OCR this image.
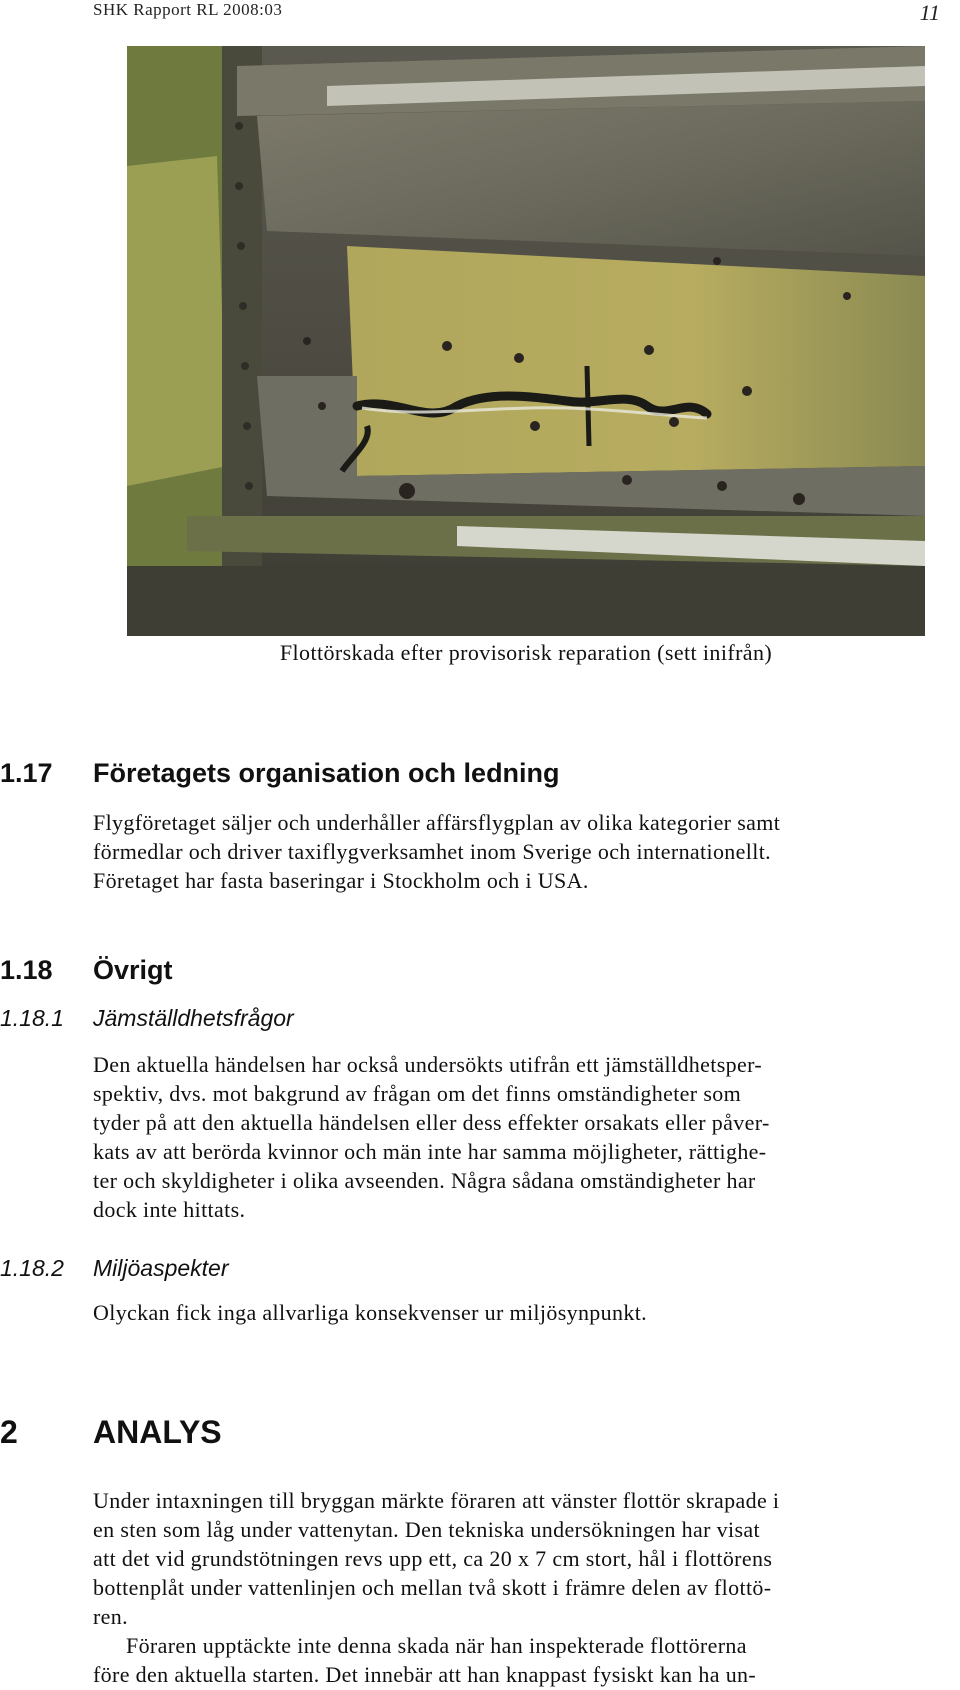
SHK Rapport RL 2008:03	11
Flottörskada efter provisorisk reparation (sett inifrån)
1.17 Företagets organisation och ledning
Flygföretaget säljer och underhåller affärsflygplan av olika kategorier samt
förmedlar och driver taxiflygverksamhet inom Sverige och internationellt.
Företaget har fasta baseringar i Stockholm och i USA.
1.18 Övrigt
1.18.1 Jämställdhetsfrågor
Den aktuella händelsen har också undersökts utifrån ett jämställdhetsper-
spektiv, dvs. mot bakgrund av frågan om det finns omständigheter som
tyder på att den aktuella händelsen eller dess effekter orsakats eller påver-
kats av att berörda kvinnor och män inte har samma möjligheter, rättighe-
ter och skyldigheter i olika avseenden. Några sådana omständigheter har
dock inte hittats.
1.18.2 Miljöaspekter
Olyckan fick inga allvarliga konsekvenser ur miljösynpunkt.
2 ANALYS
Under intaxningen till bryggan märkte föraren att vänster flottör skrapade i
en sten som låg under vattenytan. Den tekniska undersökningen har visat
att det vid grundstötningen revs upp ett, ca 20 x 7 cm stort, hål i flottörens
bottenplåt under vattenlinjen och mellan två skott i främre delen av flottö-
ren.
Föraren upptäckte inte denna skada när han inspekterade flottörerna
före den aktuella starten. Det innebär att han knappast fysiskt kan ha un-
